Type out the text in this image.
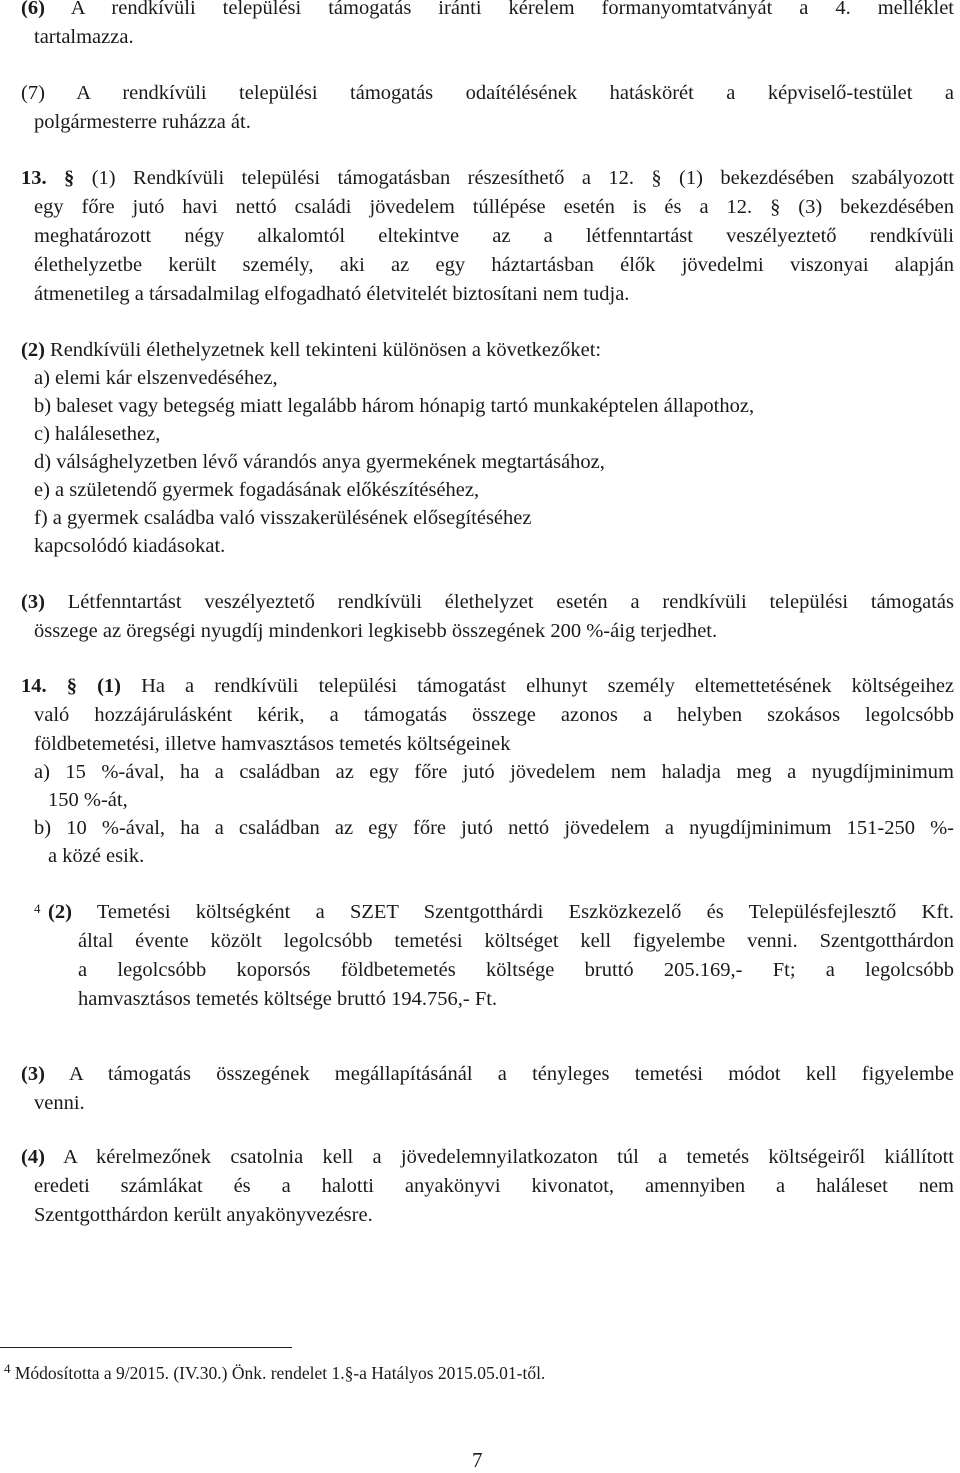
(6) A rendkívüli települési támogatás iránti kérelem formanyomtatványát a 4. melléklet
tartalmazza.
(7) A rendkívüli települési támogatás odaítélésének hatáskörét a képviselő-testület a
polgármesterre ruházza át.
13. § (1) Rendkívüli települési támogatásban részesíthető a 12. § (1) bekezdésében szabályozott
egy főre jutó havi nettó családi jövedelem túllépése esetén is és a 12. § (3) bekezdésében
meghatározott négy alkalomtól eltekintve az a létfenntartást veszélyeztető rendkívüli
élethelyzetbe került személy, aki az egy háztartásban élők jövedelmi viszonyai alapján
átmenetileg a társadalmilag elfogadható életvitelét biztosítani nem tudja.
(2) Rendkívüli élethelyzetnek kell tekinteni különösen a következőket:
a) elemi kár elszenvedéséhez,
b) baleset vagy betegség miatt legalább három hónapig tartó munkaképtelen állapothoz,
c) halálesethez,
d) válsághelyzetben lévő várandós anya gyermekének megtartásához,
e) a születendő gyermek fogadásának előkészítéséhez,
f) a gyermek családba való visszakerülésének elősegítéséhez
kapcsolódó kiadásokat.
(3) Létfenntartást veszélyeztető rendkívüli élethelyzet esetén a rendkívüli települési támogatás
összege az öregségi nyugdíj mindenkori legkisebb összegének 200 %-áig terjedhet.
14. § (1) Ha a rendkívüli települési támogatást elhunyt személy eltemettetésének költségeihez
való hozzájárulásként kérik, a támogatás összege azonos a helyben szokásos legolcsóbb
földbetemetési, illetve hamvasztásos temetés költségeinek
a) 15 %-ával, ha a családban az egy főre jutó jövedelem nem haladja meg a nyugdíjminimum
150 %-át,
b) 10 %-ával, ha a családban az egy főre jutó nettó jövedelem a nyugdíjminimum 151-250 %-
a közé esik.
$^4$ (2) Temetési költségként a SZET Szentgotthárdi Eszközkezelő és Településfejlesztő Kft.
által évente közölt legolcsóbb temetési költséget kell figyelembe venni. Szentgotthárdon
a legolcsóbb koporsós földbetemetés költsége bruttó 205.169,- Ft; a legolcsóbb
hamvasztásos temetés költsége bruttó 194.756,- Ft.
(3) A támogatás összegének megállapításánál a tényleges temetési módot kell figyelembe
venni.
(4) A kérelmezőnek csatolnia kell a jövedelemnyilatkozaton túl a temetés költségeiről kiállított
eredeti számlákat és a halotti anyakönyvi kivonatot, amennyiben a haláleset nem
Szentgotthárdon került anyakönyvezésre.
$^4$ Módosította a 9/2015. (IV.30.) Önk. rendelet 1.§-a Hatályos 2015.05.01-től.
7
